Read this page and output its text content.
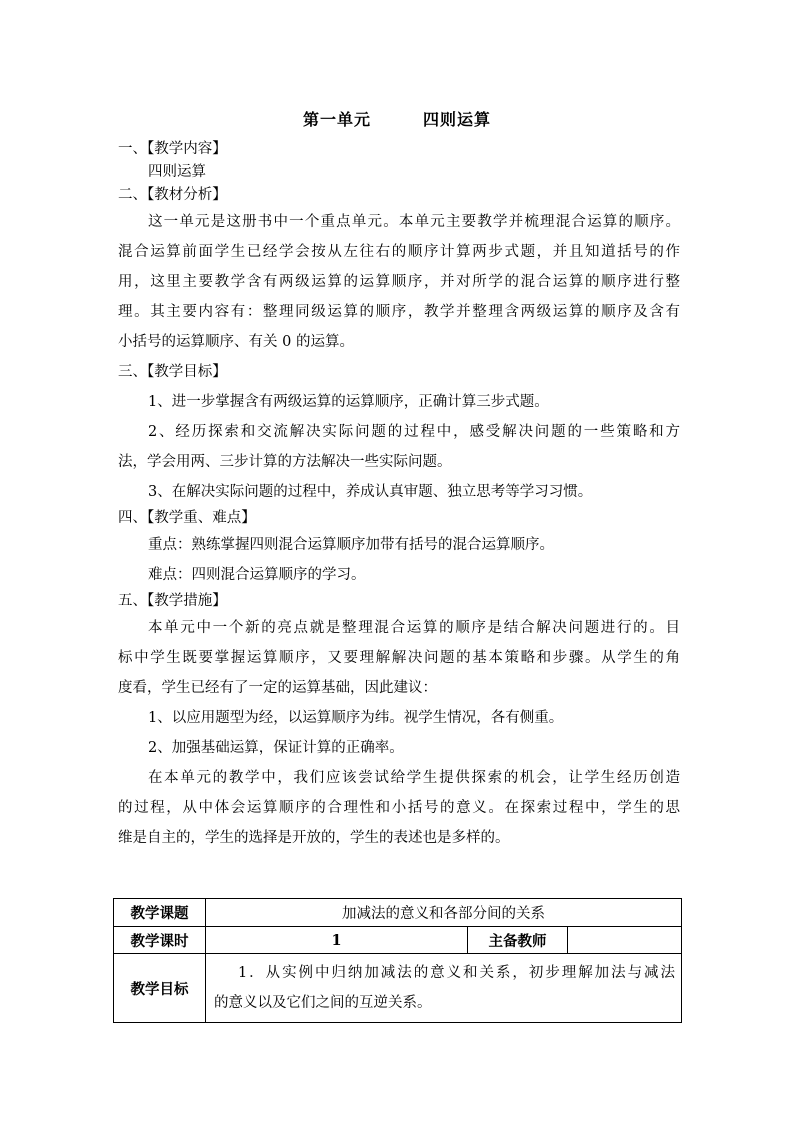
第一单元	四则运算
一、【教学内容】
四则运算
二、【教材分析】
这一单元是这册书中一个重点单元。本单元主要教学并梳理混合运算的顺序。
混合运算前面学生已经学会按从左往右的顺序计算两步式题，并且知道括号的作
用，这里主要教学含有两级运算的运算顺序，并对所学的混合运算的顺序进行整
理。其主要内容有：整理同级运算的顺序，教学并整理含两级运算的顺序及含有
小括号的运算顺序、有关 0 的运算。
三、【教学目标】
1、进一步掌握含有两级运算的运算顺序，正确计算三步式题。
2、经历探索和交流解决实际问题的过程中，感受解决问题的一些策略和方
法，学会用两、三步计算的方法解决一些实际问题。
3、在解决实际问题的过程中，养成认真审题、独立思考等学习习惯。
四、【教学重、难点】
重点：熟练掌握四则混合运算顺序加带有括号的混合运算顺序。
难点：四则混合运算顺序的学习。
五、【教学措施】
本单元中一个新的亮点就是整理混合运算的顺序是结合解决问题进行的。目
标中学生既要掌握运算顺序，又要理解解决问题的基本策略和步骤。从学生的角
度看，学生已经有了一定的运算基础，因此建议：
1、以应用题型为经，以运算顺序为纬。视学生情况，各有侧重。
2、加强基础运算，保证计算的正确率。
在本单元的教学中，我们应该尝试给学生提供探索的机会，让学生经历创造
的过程，从中体会运算顺序的合理性和小括号的意义。在探索过程中，学生的思
维是自主的，学生的选择是开放的，学生的表述也是多样的。
教学课题	加减法的意义和各部分间的关系		
教学课时	1	主备教师	
教学目标	1．从实例中归纳加减法的意义和关系，初步理解加法与减法
的意义以及它们之间的互逆关系。		
